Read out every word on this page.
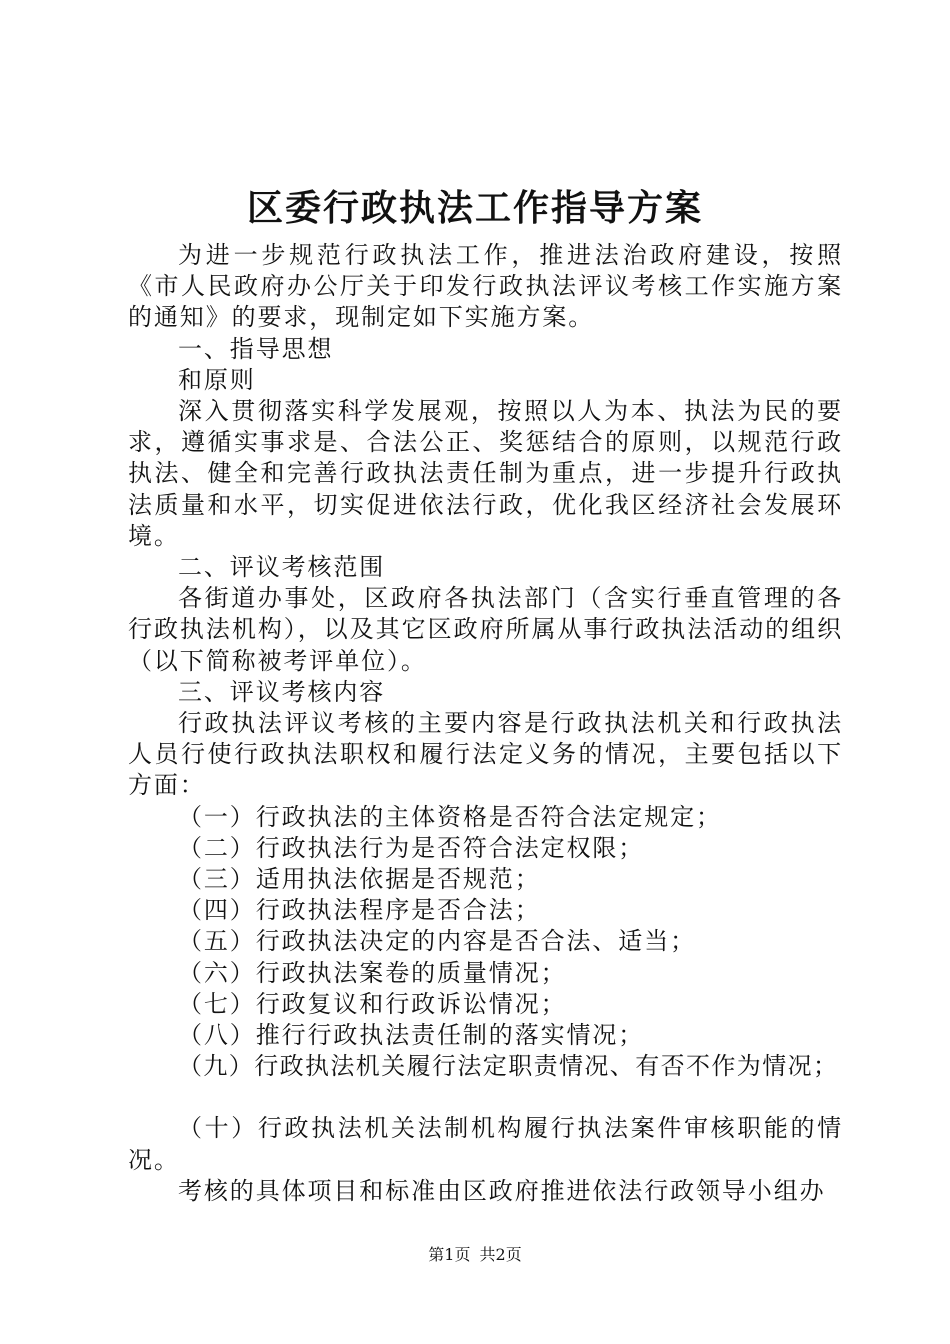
区委行政执法工作指导方案

为进一步规范行政执法工作，推进法治政府建设，按照《市人民政府办公厅关于印发行政执法评议考核工作实施方案的通知》的要求，现制定如下实施方案。

一、指导思想

和原则

深入贯彻落实科学发展观，按照以人为本、执法为民的要求，遵循实事求是、合法公正、奖惩结合的原则，以规范行政执法、健全和完善行政执法责任制为重点，进一步提升行政执法质量和水平，切实促进依法行政，优化我区经济社会发展环境。

二、评议考核范围

各街道办事处，区政府各执法部门（含实行垂直管理的各行政执法机构），以及其它区政府所属从事行政执法活动的组织（以下简称被考评单位）。

三、评议考核内容

行政执法评议考核的主要内容是行政执法机关和行政执法人员行使行政执法职权和履行法定义务的情况，主要包括以下方面：

（一）行政执法的主体资格是否符合法定规定；

（二）行政执法行为是否符合法定权限；

（三）适用执法依据是否规范；

（四）行政执法程序是否合法；

（五）行政执法决定的内容是否合法、适当；

（六）行政执法案卷的质量情况；

（七）行政复议和行政诉讼情况；

（八）推行行政执法责任制的落实情况；

（九）行政执法机关履行法定职责情况、有否不作为情况；

（十）行政执法机关法制机构履行执法案件审核职能的情况。

考核的具体项目和标准由区政府推进依法行政领导小组办

第1页 共2页
